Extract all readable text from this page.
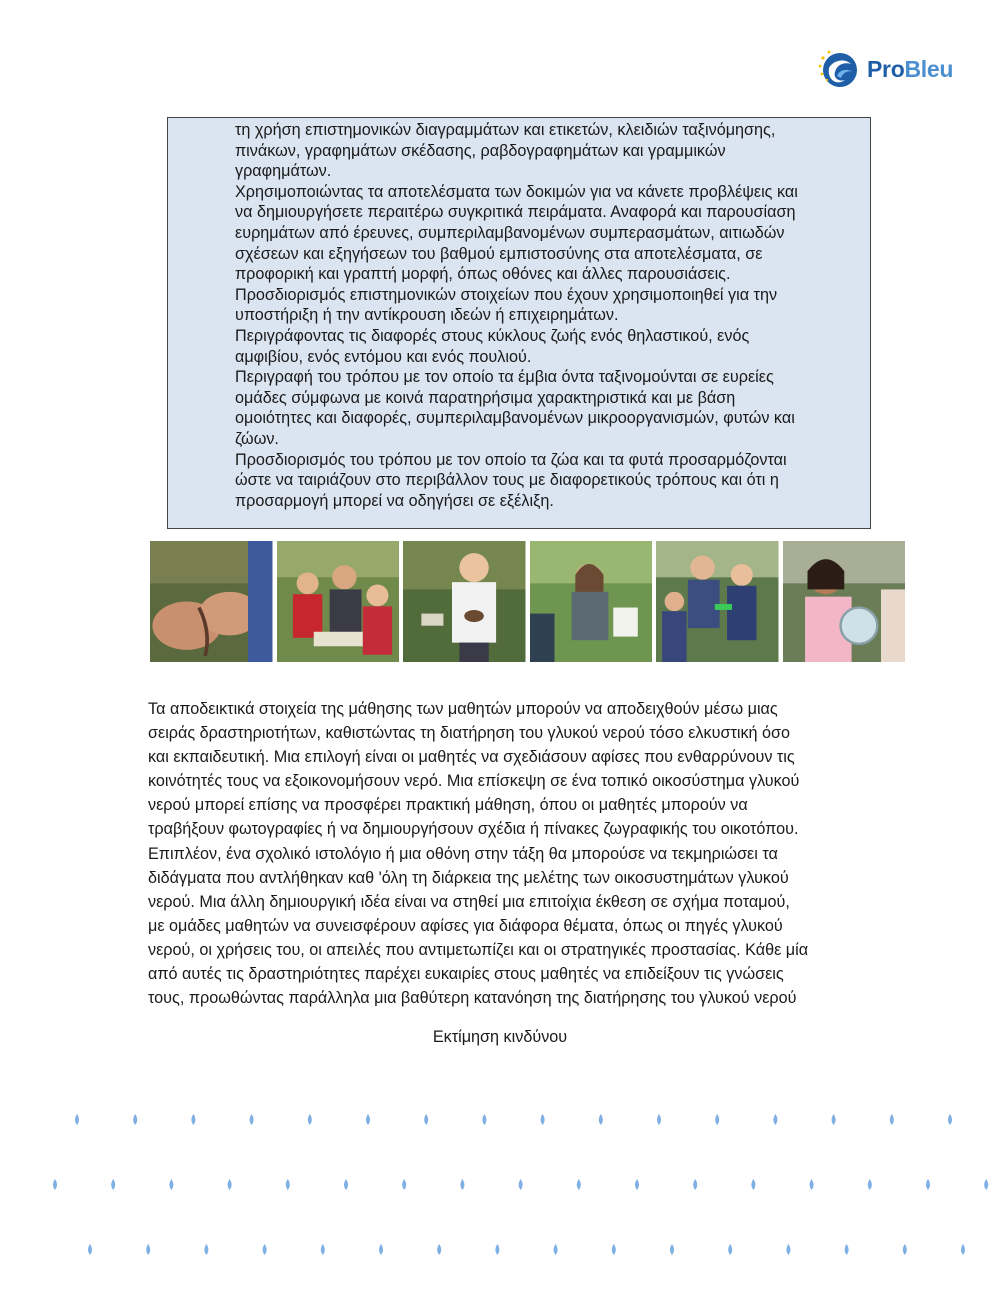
ProBleu

τη χρήση επιστημονικών διαγραμμάτων και ετικετών, κλειδιών ταξινόμησης,

πινάκων, γραφημάτων σκέδασης, ραβδογραφημάτων και γραμμικών

γραφημάτων.

Χρησιμοποιώντας τα αποτελέσματα των δοκιμών για να κάνετε προβλέψεις και

να δημιουργήσετε περαιτέρω συγκριτικά πειράματα. Αναφορά και παρουσίαση

ευρημάτων από έρευνες, συμπεριλαμβανομένων συμπερασμάτων, αιτιωδών

σχέσεων και εξηγήσεων του βαθμού εμπιστοσύνης στα αποτελέσματα, σε

προφορική και γραπτή μορφή, όπως οθόνες και άλλες παρουσιάσεις.

Προσδιορισμός επιστημονικών στοιχείων που έχουν χρησιμοποιηθεί για την

υποστήριξη ή την αντίκρουση ιδεών ή επιχειρημάτων.

Περιγράφοντας τις διαφορές στους κύκλους ζωής ενός θηλαστικού, ενός

αμφιβίου, ενός εντόμου και ενός πουλιού.

Περιγραφή του τρόπου με τον οποίο τα έμβια όντα ταξινομούνται σε ευρείες

ομάδες σύμφωνα με κοινά παρατηρήσιμα χαρακτηριστικά και με βάση

ομοιότητες και διαφορές, συμπεριλαμβανομένων μικροοργανισμών, φυτών και

ζώων.

Προσδιορισμός του τρόπου με τον οποίο τα ζώα και τα φυτά προσαρμόζονται

ώστε να ταιριάζουν στο περιβάλλον τους με διαφορετικούς τρόπους και ότι η

προσαρμογή μπορεί να οδηγήσει σε εξέλιξη.

Τα αποδεικτικά στοιχεία της μάθησης των μαθητών μπορούν να αποδειχθούν μέσω μιας
σειράς δραστηριοτήτων, καθιστώντας τη διατήρηση του γλυκού νερού τόσο ελκυστική όσο
και εκπαιδευτική. Μια επιλογή είναι οι μαθητές να σχεδιάσουν αφίσες που ενθαρρύνουν τις
κοινότητές τους να εξοικονομήσουν νερό. Μια επίσκεψη σε ένα τοπικό οικοσύστημα γλυκού
νερού μπορεί επίσης να προσφέρει πρακτική μάθηση, όπου οι μαθητές μπορούν να
τραβήξουν φωτογραφίες ή να δημιουργήσουν σχέδια ή πίνακες ζωγραφικής του οικοτόπου.
Επιπλέον, ένα σχολικό ιστολόγιο ή μια οθόνη στην τάξη θα μπορούσε να τεκμηριώσει τα
διδάγματα που αντλήθηκαν καθ 'όλη τη διάρκεια της μελέτης των οικοσυστημάτων γλυκού
νερού. Μια άλλη δημιουργική ιδέα είναι να στηθεί μια επιτοίχια έκθεση σε σχήμα ποταμού,
με ομάδες μαθητών να συνεισφέρουν αφίσες για διάφορα θέματα, όπως οι πηγές γλυκού
νερού, οι χρήσεις του, οι απειλές που αντιμετωπίζει και οι στρατηγικές προστασίας. Κάθε μία
από αυτές τις δραστηριότητες παρέχει ευκαιρίες στους μαθητές να επιδείξουν τις γνώσεις
τους, προωθώντας παράλληλα μια βαθύτερη κατανόηση της διατήρησης του γλυκού νερού
Εκτίμηση κινδύνου
